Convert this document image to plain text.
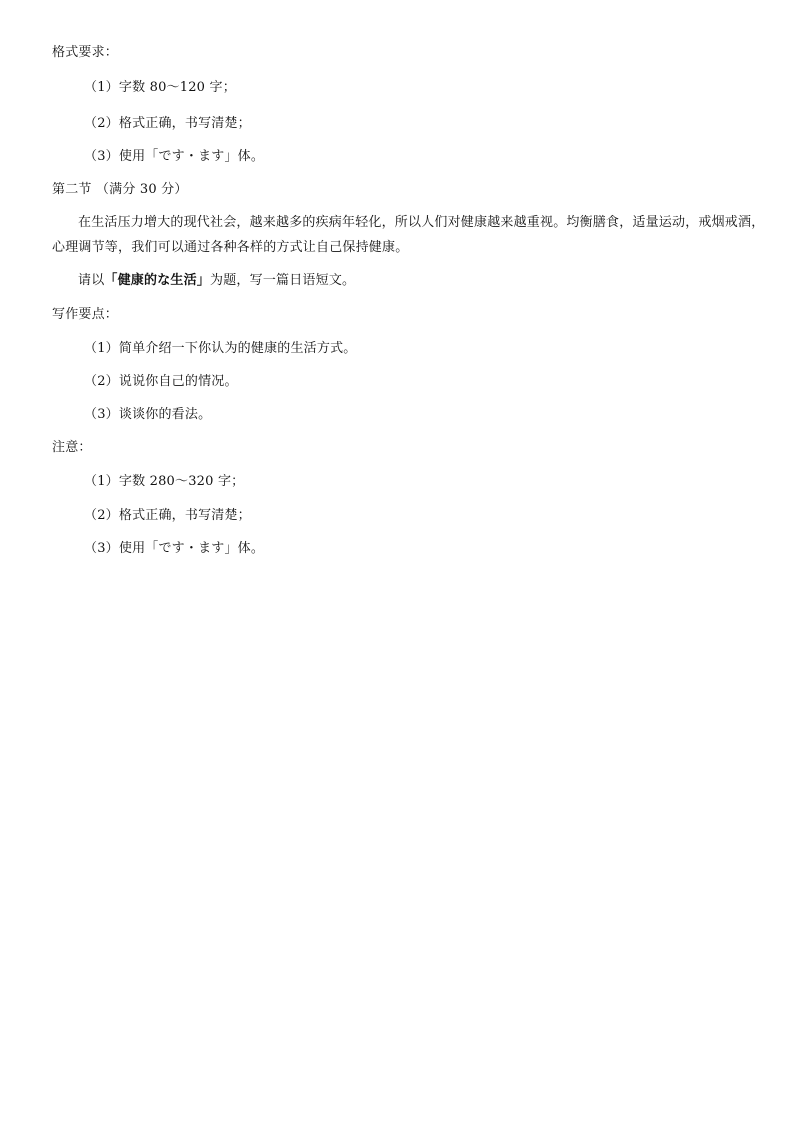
格式要求：
（1）字数 80～120 字；
（2）格式正确，书写清楚；
（3）使用「です・ます」体。
第二节 （满分 30 分）
在生活压力增大的现代社会，越来越多的疾病年轻化，所以人们对健康越来越重视。均衡膳食，适量运动，戒烟戒酒，心理调节等，我们可以通过各种各样的方式让自己保持健康。
请以「健康的な生活」为题，写一篇日语短文。
写作要点：
（1）简单介绍一下你认为的健康的生活方式。
（2）说说你自己的情况。
（3）谈谈你的看法。
注意：
（1）字数 280～320 字；
（2）格式正确，书写清楚；
（3）使用「です・ます」体。
